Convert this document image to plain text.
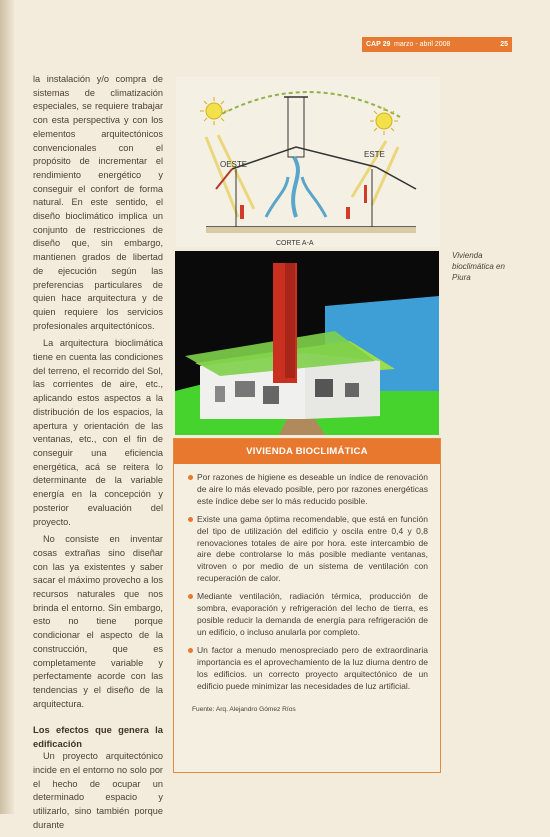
CAP 29 marzo - abril 2008	25

la instalación y/o compra de sistemas de climatización especiales, se requiere trabajar con esta perspectiva y con los elementos arquitectónicos convencionales con el propósito de incrementar el rendimiento energético y conseguir el confort de forma natural. En este sentido, el diseño bioclimático implica un conjunto de restricciones de diseño que, sin embargo, mantienen grados de libertad de ejecución según las preferencias particulares de quien hace arquitectura y de quien requiere los servicios profesionales arquitectónicos.

La arquitectura bioclimática tiene en cuenta las condiciones del terreno, el recorrido del Sol, las corrientes de aire, etc., aplicando estos aspectos a la distribución de los espacios, la apertura y orientación de las ventanas, etc., con el fin de conseguir una eficiencia energética, acá se reitera lo determinante de la variable energía en la concepción y posterior evaluación del proyecto.

No consiste en inventar cosas extrañas sino diseñar con las ya existentes y saber sacar el máximo provecho a los recursos naturales que nos brinda el entorno. Sin embargo, esto no tiene porque condicionar el aspecto de la construcción, que es completamente variable y perfectamente acorde con las tendencias y el diseño de la arquitectura.

Los efectos que genera la edificación

Un proyecto arquitectónico incide en el entorno no solo por el hecho de ocupar un determinado espacio y utilizarlo, sino también porque durante

OESTE
ESTE
CORTE A-A
Vivienda bioclimática en Piura
VIVIENDA BIOCLIMÁTICA
Por razones de higiene es deseable un índice de renovación de aire lo más elevado posible, pero por razones energéticas este índice debe ser lo más reducido posible.
Existe una gama óptima recomendable, que está en función del tipo de utilización del edificio y oscila entre 0,4 y 0,8 renovaciones totales de aire por hora. este intercambio de aire debe controlarse lo más posible mediante ventanas, vitroven o por medio de un sistema de ventilación con recuperación de calor.
Mediante ventilación, radiación térmica, producción de sombra, evaporación y refrigeración del lecho de tierra, es posible reducir la demanda de energía para refrigeración de un edificio, o incluso anularla por completo.
Un factor a menudo menospreciado pero de extraordinaria importancia es el aprovechamiento de la luz diurna dentro de los edificios. un correcto proyecto arquitectónico de un edificio puede minimizar las necesidades de luz artificial.
Fuente: Arq. Alejandro Gómez Ríos
